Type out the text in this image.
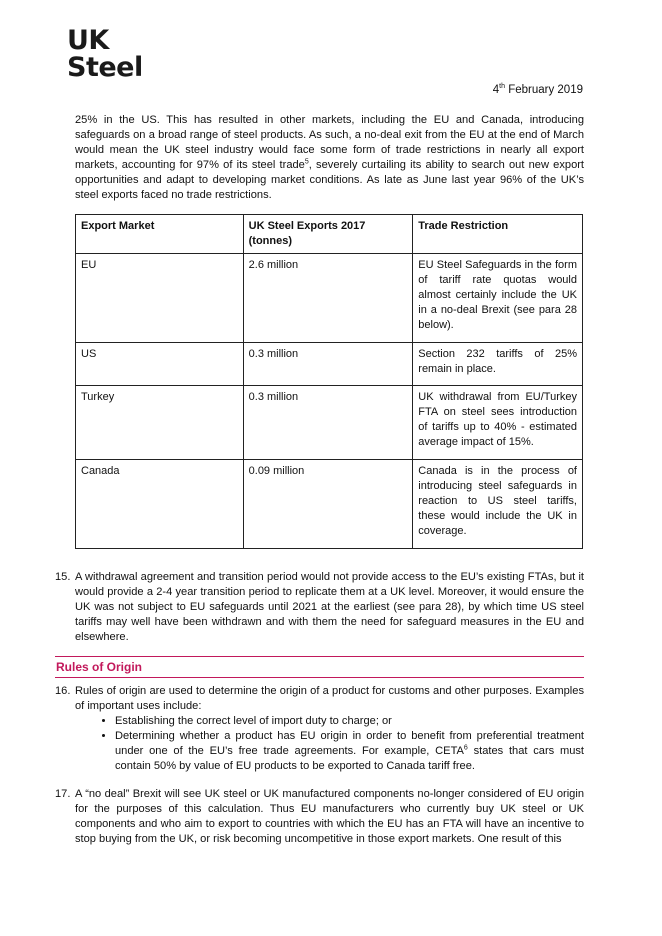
UK
Steel
4th February 2019

25% in the US. This has resulted in other markets, including the EU and Canada, introducing safeguards on a broad range of steel products. As such, a no-deal exit from the EU at the end of March would mean the UK steel industry would face some form of trade restrictions in nearly all export markets, accounting for 97% of its steel trade$^5$, severely curtailing its ability to search out new export opportunities and adapt to developing market conditions. As late as June last year 96% of the UK’s steel exports faced no trade restrictions.

Export Market	UK Steel Exports 2017 (tonnes)	Trade Restriction
EU	2.6 million	EU Steel Safeguards in the form of tariff rate quotas would almost certainly include the UK in a no-deal Brexit (see para 28 below).
US	0.3 million	Section 232 tariffs of 25% remain in place.
Turkey	0.3 million	UK withdrawal from EU/Turkey FTA on steel sees introduction of tariffs up to 40% - estimated average impact of 15%.
Canada	0.09 million	Canada is in the process of introducing steel safeguards in reaction to US steel tariffs, these would include the UK in coverage.
15. A withdrawal agreement and transition period would not provide access to the EU’s existing FTAs, but it would provide a 2-4 year transition period to replicate them at a UK level. Moreover, it would ensure the UK was not subject to EU safeguards until 2021 at the earliest (see para 28), by which time US steel tariffs may well have been withdrawn and with them the need for safeguard measures in the EU and elsewhere.

Rules of Origin
16. Rules of origin are used to determine the origin of a product for customs and other purposes. Examples of important uses include:

• Establishing the correct level of import duty to charge; or
• Determining whether a product has EU origin in order to benefit from preferential treatment under one of the EU’s free trade agreements. For example, CETA$^6$ states that cars must contain 50% by value of EU products to be exported to Canada tariff free.
17. A “no deal” Brexit will see UK steel or UK manufactured components no-longer considered of EU origin for the purposes of this calculation. Thus EU manufacturers who currently buy UK steel or UK components and who aim to export to countries with which the EU has an FTA will have an incentive to stop buying from the UK, or risk becoming uncompetitive in those export markets. One result of this
